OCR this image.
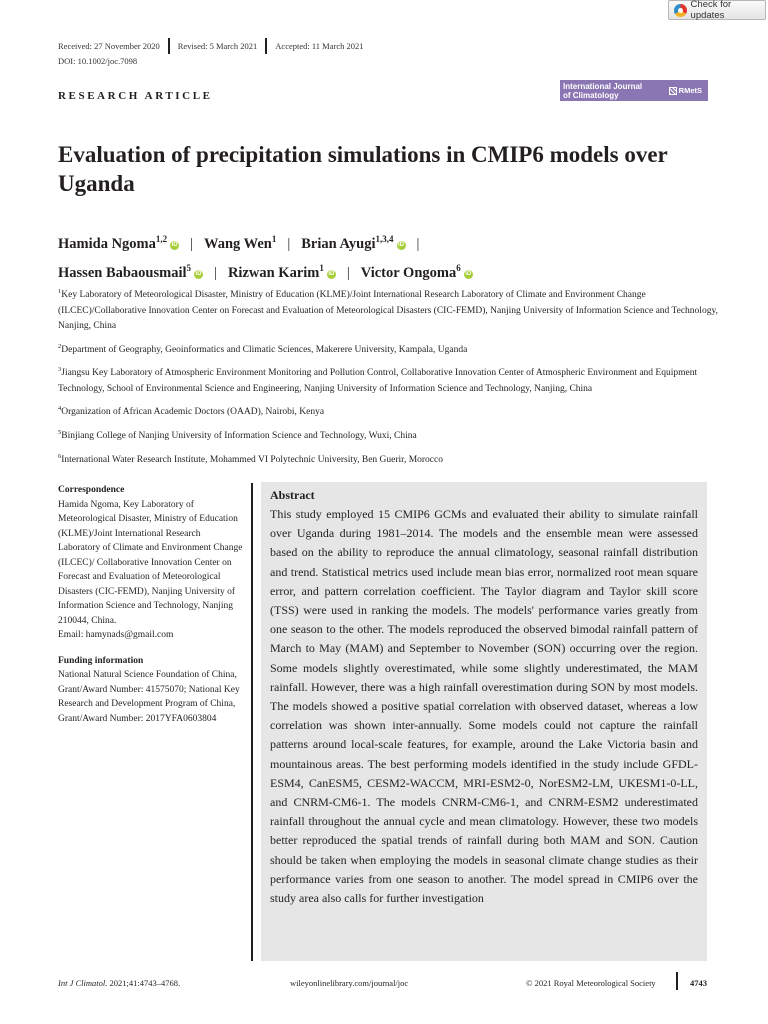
Check for updates
Received: 27 November 2020 Revised: 5 March 2021 Accepted: 11 March 2021
DOI: 10.1002/joc.7098
RESEARCH ARTICLE
International Journal
of Climatology	RMetS
Evaluation of precipitation simulations in CMIP6 models over Uganda
Hamida Ngoma$^{1,2}$iD | Wang Wen$^1$ | Brian Ayugi$^{1,3,4}$iD |
Hassen Babaousmail$^5$iD | Rizwan Karim$^1$iD | Victor Ongoma$^6$iD

$^1$Key Laboratory of Meteorological Disaster, Ministry of Education (KLME)/Joint International Research Laboratory of Climate and Environment Change (ILCEC)/Collaborative Innovation Center on Forecast and Evaluation of Meteorological Disasters (CIC-FEMD), Nanjing University of Information Science and Technology, Nanjing, China

$^2$Department of Geography, Geoinformatics and Climatic Sciences, Makerere University, Kampala, Uganda

$^3$Jiangsu Key Laboratory of Atmospheric Environment Monitoring and Pollution Control, Collaborative Innovation Center of Atmospheric Environment and Equipment Technology, School of Environmental Science and Engineering, Nanjing University of Information Science and Technology, Nanjing, China

$^4$Organization of African Academic Doctors (OAAD), Nairobi, Kenya

$^5$Binjiang College of Nanjing University of Information Science and Technology, Wuxi, China

$^6$International Water Research Institute, Mohammed VI Polytechnic University, Ben Guerir, Morocco

Correspondence
Hamida Ngoma, Key Laboratory of Meteorological Disaster, Ministry of Education (KLME)/Joint International Research Laboratory of Climate and Environment Change (ILCEC)/ Collaborative Innovation Center on Forecast and Evaluation of Meteorological Disasters (CIC-FEMD), Nanjing University of Information Science and Technology, Nanjing 210044, China.
Email: hamynads@gmail.com
Funding information
National Natural Science Foundation of China, Grant/Award Number: 41575070; National Key Research and Development Program of China, Grant/Award Number: 2017YFA0603804
Abstract

This study employed 15 CMIP6 GCMs and evaluated their ability to simulate rainfall over Uganda during 1981–2014. The models and the ensemble mean were assessed based on the ability to reproduce the annual climatology, seasonal rainfall distribution and trend. Statistical metrics used include mean bias error, normalized root mean square error, and pattern correlation coefficient. The Taylor diagram and Taylor skill score (TSS) were used in ranking the models. The models' performance varies greatly from one season to the other. The models reproduced the observed bimodal rainfall pattern of March to May (MAM) and September to November (SON) occurring over the region. Some models slightly overestimated, while some slightly underestimated, the MAM rainfall. However, there was a high rainfall overestimation during SON by most models. The models showed a positive spatial correlation with observed dataset, whereas a low correlation was shown inter-annually. Some models could not capture the rainfall patterns around local-scale features, for example, around the Lake Victoria basin and mountainous areas. The best performing models identified in the study include GFDL-ESM4, CanESM5, CESM2-WACCM, MRI-ESM2-0, NorESM2-LM, UKESM1-0-LL, and CNRM-CM6-1. The models CNRM-CM6-1, and CNRM-ESM2 underestimated rainfall throughout the annual cycle and mean climatology. However, these two models better reproduced the spatial trends of rainfall during both MAM and SON. Caution should be taken when employing the models in seasonal climate change studies as their performance varies from one season to another. The model spread in CMIP6 over the study area also calls for further investigation

Int J Climatol. 2021;41:4743–4768.	wileyonlinelibrary.com/journal/joc	© 2021 Royal Meteorological Society	4743
